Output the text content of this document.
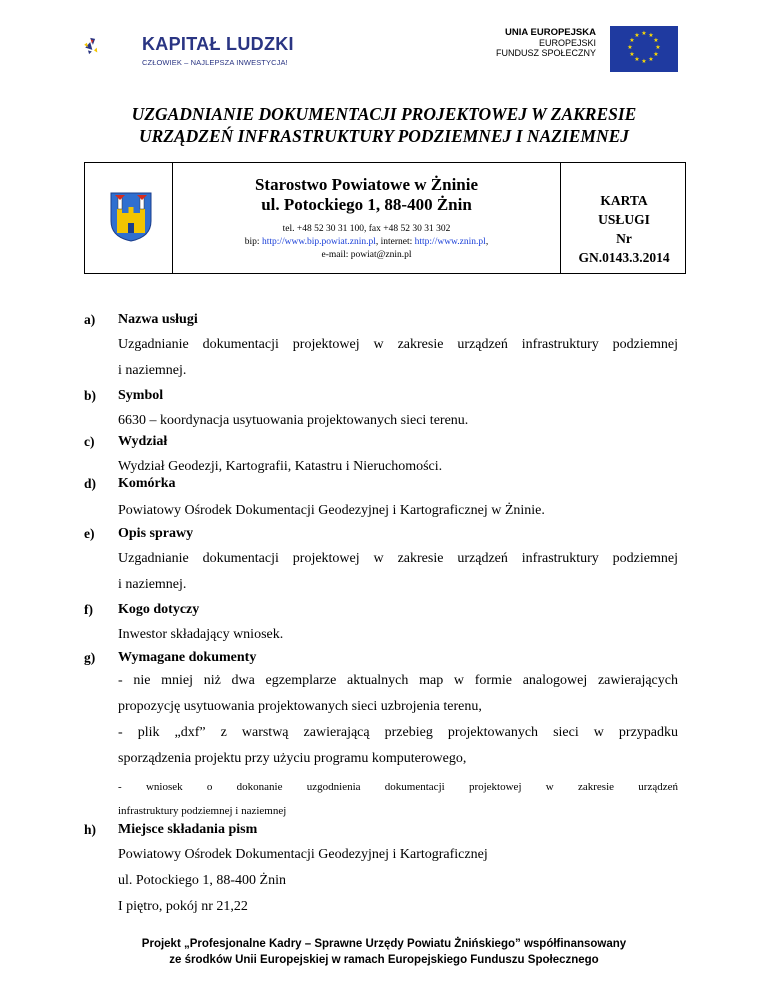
KAPITAŁ LUDZKI
CZŁOWIEK – NAJLEPSZA INWESTYCJA!
UNIA EUROPEJSKA
EUROPEJSKI
FUNDUSZ SPOŁECZNY
★ ★
★
★
★
★
★
★
★
★
★
★
UZGADNIANIE DOKUMENTACJI PROJEKTOWEJ W ZAKRESIE
URZĄDZEŃ INFRASTRUKTURY PODZIEMNEJ I NAZIEMNEJ
Starostwo Powiatowe w Żninie
ul. Potockiego 1, 88-400 Żnin
tel. +48 52 30 31 100, fax +48 52 30 31 302
bip: http://www.bip.powiat.znin.pl, internet: http://www.znin.pl,
e-mail: powiat@znin.pl
KARTA
USŁUGI
Nr
GN.0143.3.2014
a) Nazwa usługi
Uzgadnianie dokumentacji projektowej w zakresie urządzeń infrastruktury podziemnej
i naziemnej.
b) Symbol
6630 – koordynacja usytuowania projektowanych sieci terenu.
c) Wydział
Wydział Geodezji, Kartografii, Katastru i Nieruchomości.
d) Komórka
Powiatowy Ośrodek Dokumentacji Geodezyjnej i Kartograficznej w Żninie.
e) Opis sprawy
Uzgadnianie dokumentacji projektowej w zakresie urządzeń infrastruktury podziemnej
i naziemnej.
f) Kogo dotyczy
Inwestor składający wniosek.
g) Wymagane dokumenty
- nie mniej niż dwa egzemplarze aktualnych map w formie analogowej zawierających
propozycję usytuowania projektowanych sieci uzbrojenia terenu,
- plik „dxf” z warstwą zawierającą przebieg projektowanych sieci w przypadku
sporządzenia projektu przy użyciu programu komputerowego,
- wniosek o dokonanie uzgodnienia dokumentacji projektowej w zakresie urządzeń
infrastruktury podziemnej i naziemnej
h) Miejsce składania pism
Powiatowy Ośrodek Dokumentacji Geodezyjnej i Kartograficznej
ul. Potockiego 1, 88-400 Żnin
I piętro, pokój nr 21,22
Projekt „Profesjonalne Kadry – Sprawne Urzędy Powiatu Żnińskiego” współfinansowany
ze środków Unii Europejskiej w ramach Europejskiego Funduszu Społecznego
